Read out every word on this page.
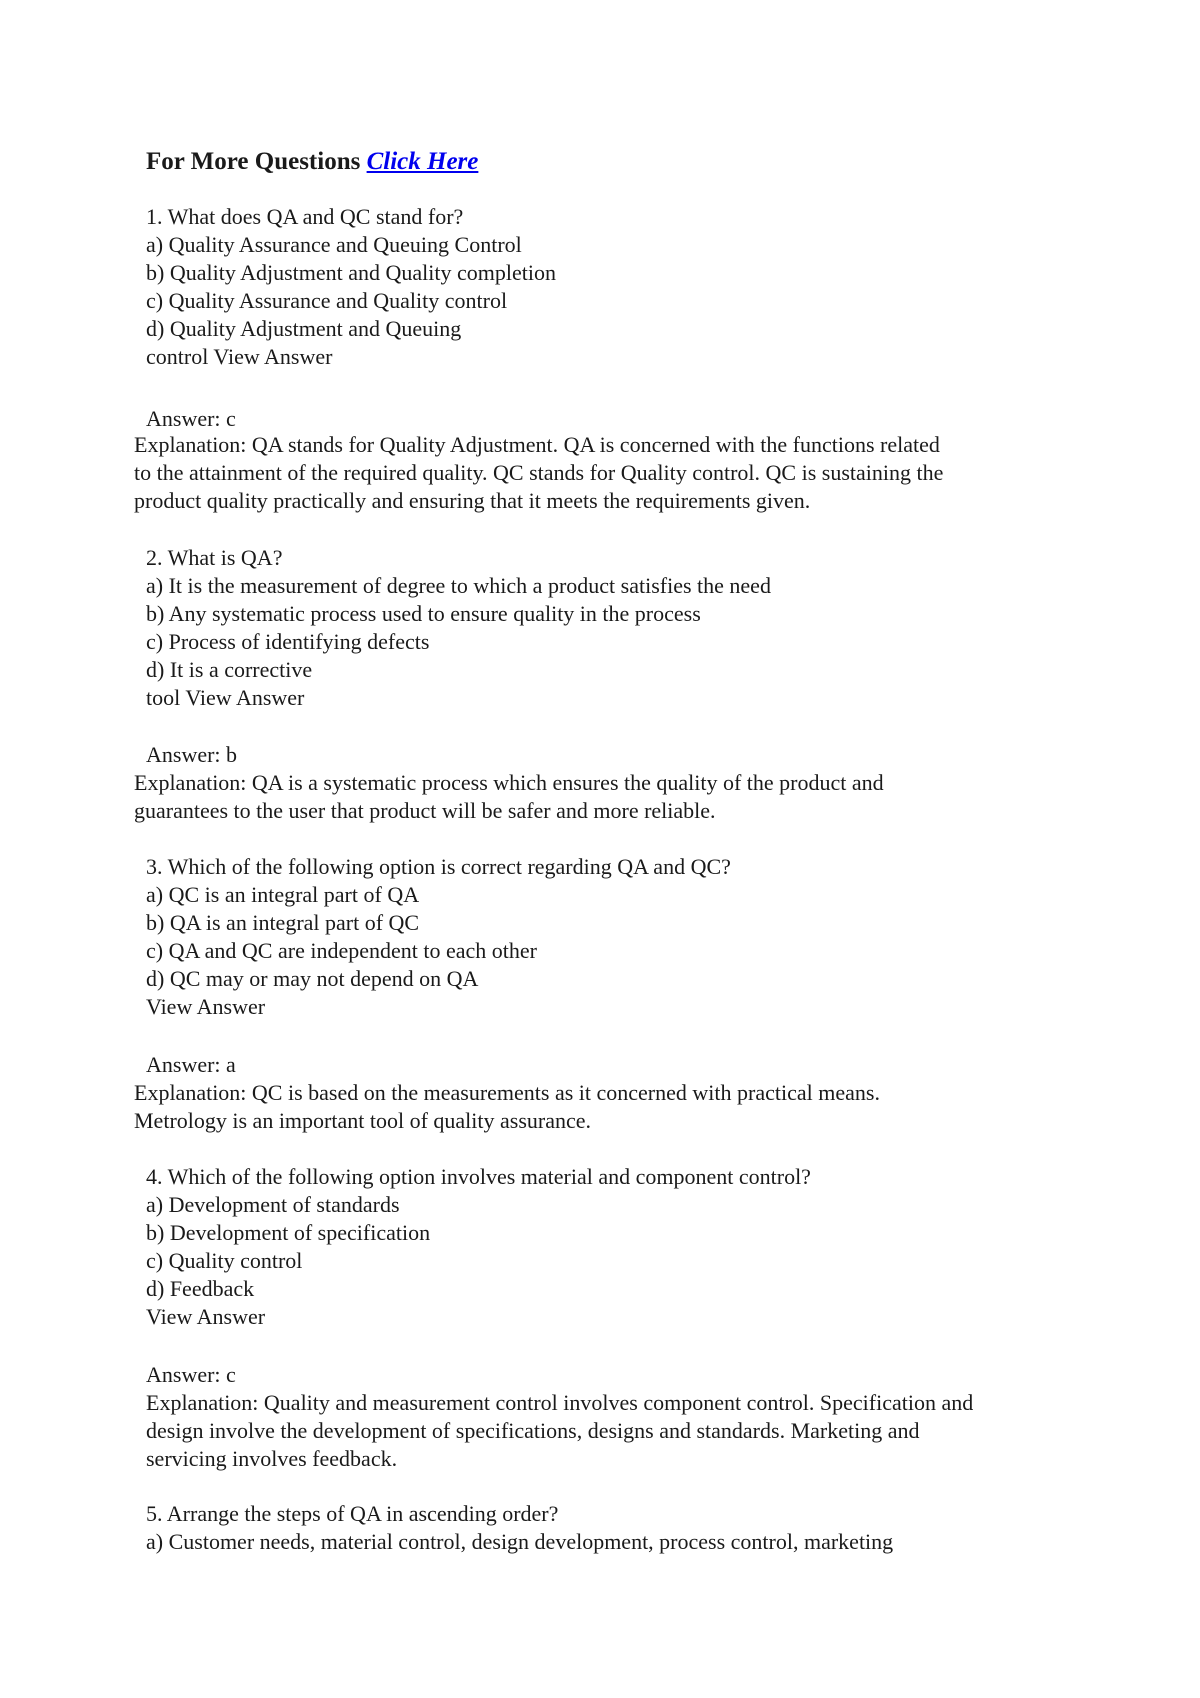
For More Questions Click Here
1. What does QA and QC stand for?
a) Quality Assurance and Queuing Control
b) Quality Adjustment and Quality completion
c) Quality Assurance and Quality control
d) Quality Adjustment and Queuing
control View Answer
Answer: c
Explanation: QA stands for Quality Adjustment. QA is concerned with the functions related
to the attainment of the required quality. QC stands for Quality control. QC is sustaining the
product quality practically and ensuring that it meets the requirements given.
2. What is QA?
a) It is the measurement of degree to which a product satisfies the need
b) Any systematic process used to ensure quality in the process
c) Process of identifying defects
d) It is a corrective
tool View Answer
Answer: b
Explanation: QA is a systematic process which ensures the quality of the product and
guarantees to the user that product will be safer and more reliable.
3. Which of the following option is correct regarding QA and QC?
a) QC is an integral part of QA
b) QA is an integral part of QC
c) QA and QC are independent to each other
d) QC may or may not depend on QA
View Answer
Answer: a
Explanation: QC is based on the measurements as it concerned with practical means.
Metrology is an important tool of quality assurance.
4. Which of the following option involves material and component control?
a) Development of standards
b) Development of specification
c) Quality control
d) Feedback
View Answer
Answer: c
Explanation: Quality and measurement control involves component control. Specification and
design involve the development of specifications, designs and standards. Marketing and
servicing involves feedback.
5. Arrange the steps of QA in ascending order?
a) Customer needs, material control, design development, process control, marketing
